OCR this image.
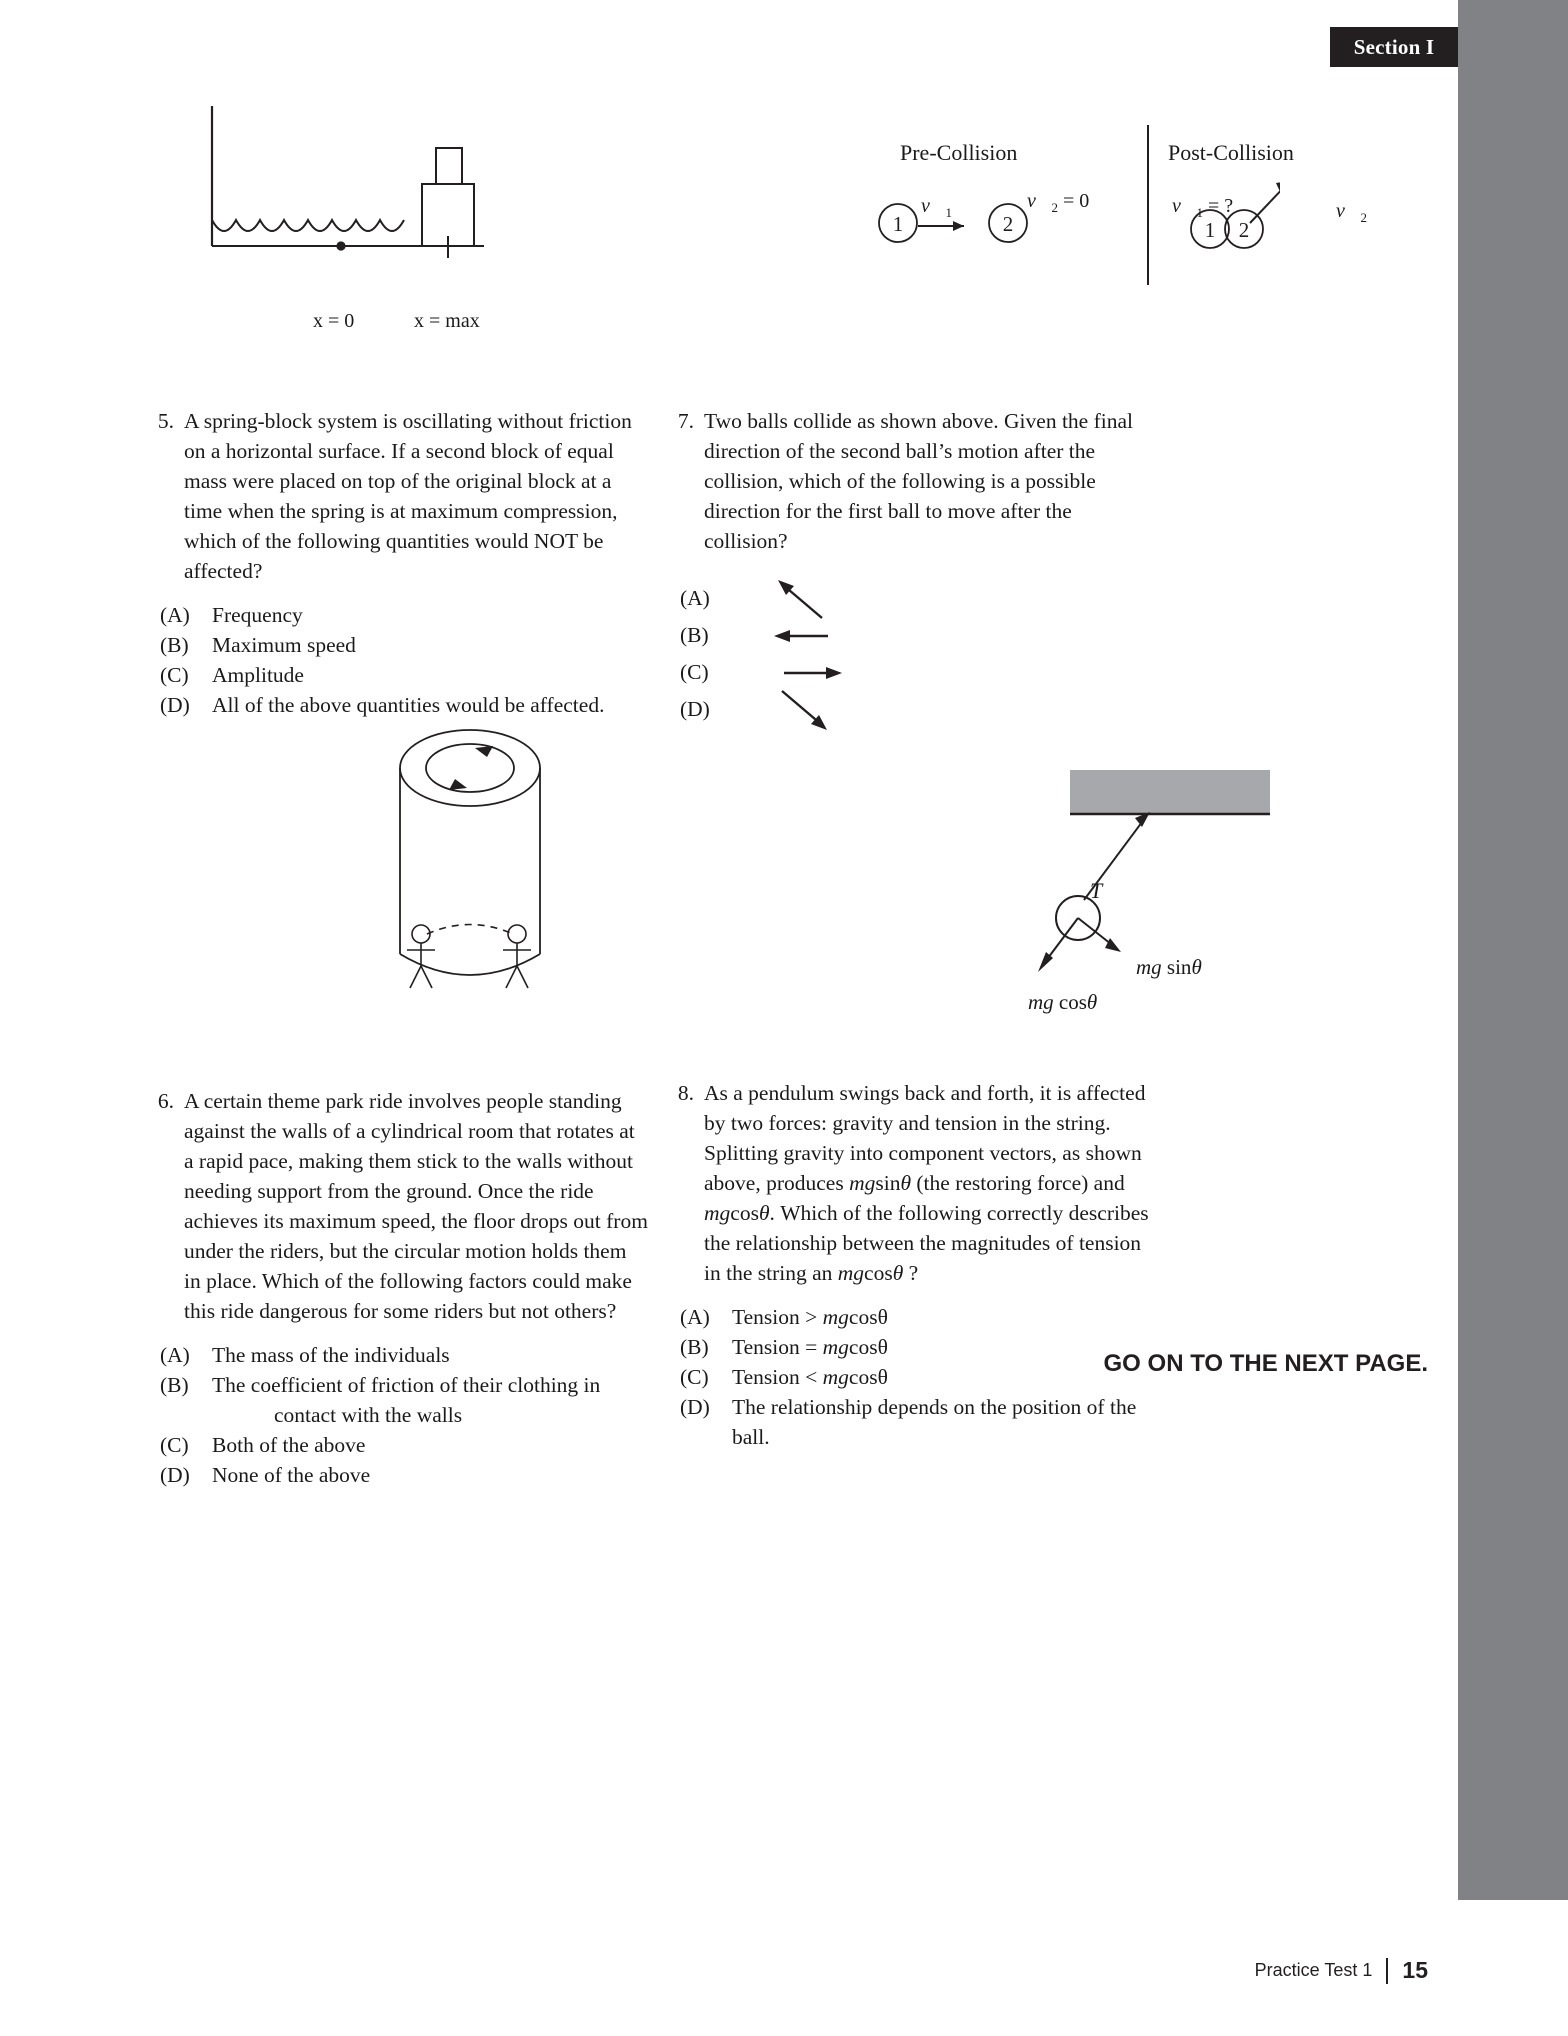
Section I
x = 0	x = max
Pre-Collision	Post-Collision
1	2	1 2
$v⃗_1$
$v⃗_2 = 0$	$v⃗_1$ = ?	$v⃗_2$
5. A spring-block system is oscillating without friction on a horizontal surface. If a second block of equal mass were placed on top of the original block at a time when the spring is at maximum compression, which of the following quantities would NOT be affected?
(A)	Frequency
(B)	Maximum speed
(C)	Amplitude
(D)	All of the above quantities would be affected.
7. Two balls collide as shown above. Given the final direction of the second ball’s motion after the collision, which of the following is a possible direction for the first ball to move after the collision?
(A)
(B)
(C)
(D)
T
mg sinθ
mg cosθ
6. A certain theme park ride involves people standing against the walls of a cylindrical room that rotates at a rapid pace, making them stick to the walls without needing support from the ground. Once the ride achieves its maximum speed, the floor drops out from under the riders, but the circular motion holds them in place. Which of the following factors could make this ride dangerous for some riders but not others?
(A)	The mass of the individuals
(B)	The coefficient of friction of their clothing in
contact with the walls
(C)	Both of the above
(D)	None of the above
8. As a pendulum swings back and forth, it is affected by two forces: gravity and tension in the string. Splitting gravity into component vectors, as shown above, produces mgsinθ (the restoring force) and mgcosθ. Which of the following correctly describes the relationship between the magnitudes of tension in the string an mgcosθ ?
(A)	Tension > mgcosθ
(B)	Tension = mgcosθ
(C)	Tension < mgcosθ
(D)	The relationship depends on the position of the ball.
GO ON TO THE NEXT PAGE.
Practice Test 1	15
